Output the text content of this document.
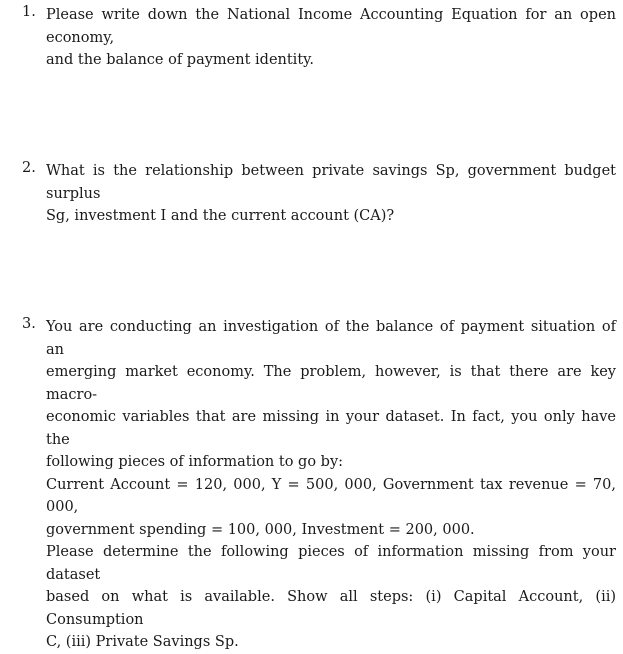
1. Please write down the National Income Accounting Equation for an open economy,
and the balance of payment identity.
2. What is the relationship between private savings Sp, government budget surplus
Sg, investment I and the current account (CA)?
3. You are conducting an investigation of the balance of payment situation of an
emerging market economy. The problem, however, is that there are key macro-
economic variables that are missing in your dataset. In fact, you only have the
following pieces of information to go by:
Current Account = 120, 000, Y = 500, 000, Government tax revenue = 70, 000,
government spending = 100, 000, Investment = 200, 000.
Please determine the following pieces of information missing from your dataset
based on what is available. Show all steps: (i) Capital Account, (ii) Consumption
C, (iii) Private Savings Sp.
